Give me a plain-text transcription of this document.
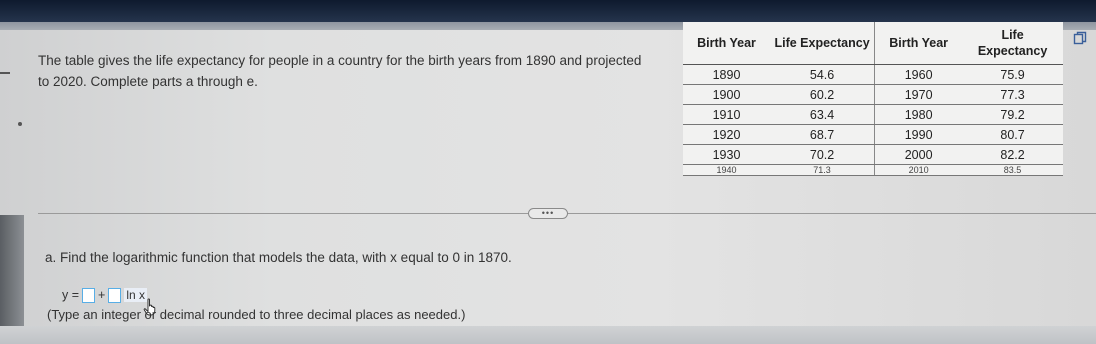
The table gives the life expectancy for people in a country for the birth years from 1890 and projected to 2020. Complete parts a through e.
Birth Year	Life Expectancy	Birth Year	Life Expectancy
1890	54.6	1960	75.9
1900	60.2	1970	77.3
1910	63.4	1980	79.2
1920	68.7	1990	80.7
1930	70.2	2000	82.2
1940	71.3	2010	83.5
•••
a. Find the logarithmic function that models the data, with x equal to 0 in 1870.
y = + ln x
(Type an integer or decimal rounded to three decimal places as needed.)
